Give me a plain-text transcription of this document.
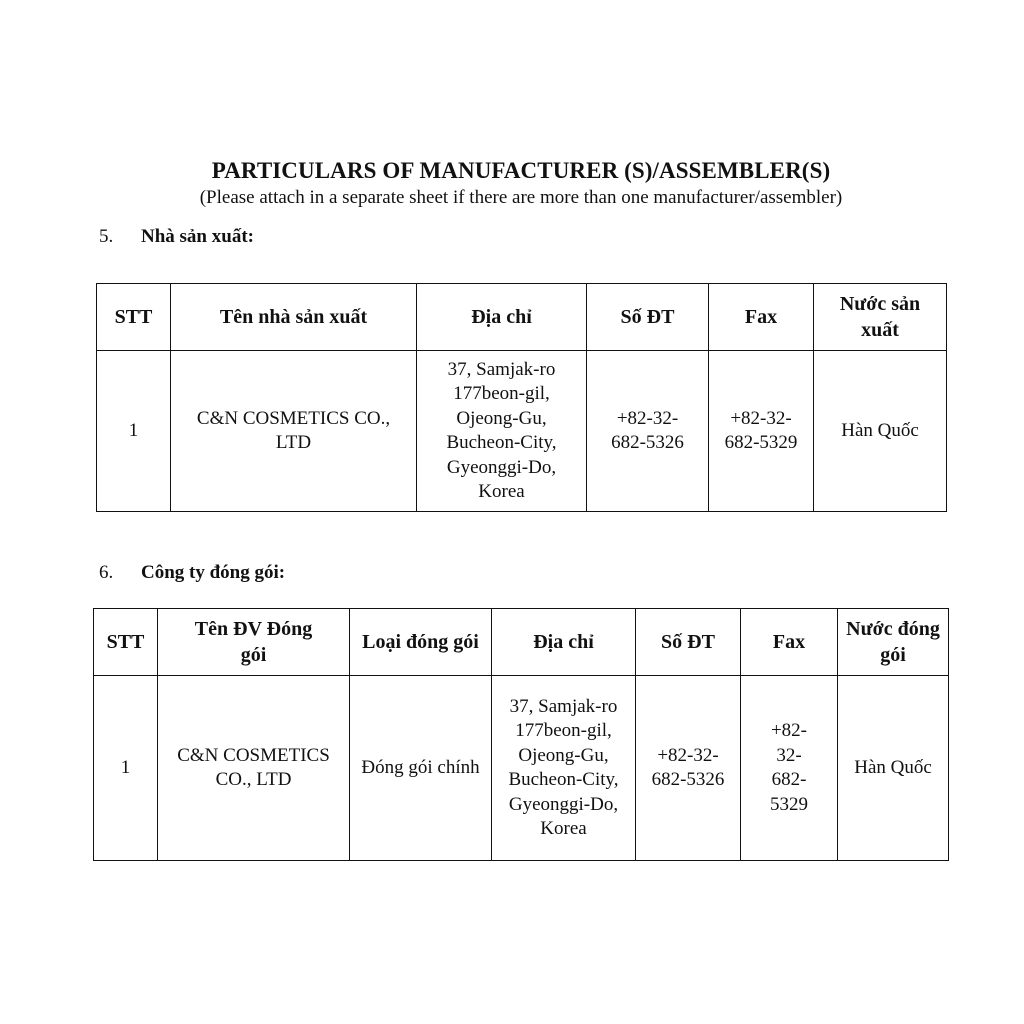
PARTICULARS OF MANUFACTURER (S)/ASSEMBLER(S)
(Please attach in a separate sheet if there are more than one manufacturer/assembler)
5. Nhà sản xuất:
STT	Tên nhà sản xuất	Địa chỉ	Số ĐT	Fax	Nước sản xuất
1	C&N COSMETICS CO., LTD	37, Samjak-ro 177beon-gil, Ojeong-Gu, Bucheon-City, Gyeonggi-Do, Korea	+82-32-682-5326	+82-32-682-5329	Hàn Quốc
6. Công ty đóng gói:
STT	Tên ĐV Đóng gói	Loại đóng gói	Địa chỉ	Số ĐT	Fax	Nước đóng gói
1	C&N COSMETICS CO., LTD	Đóng gói chính	37, Samjak-ro 177beon-gil, Ojeong-Gu, Bucheon-City, Gyeonggi-Do, Korea	+82-32-682-5326	+82-32-682-5329	Hàn Quốc
